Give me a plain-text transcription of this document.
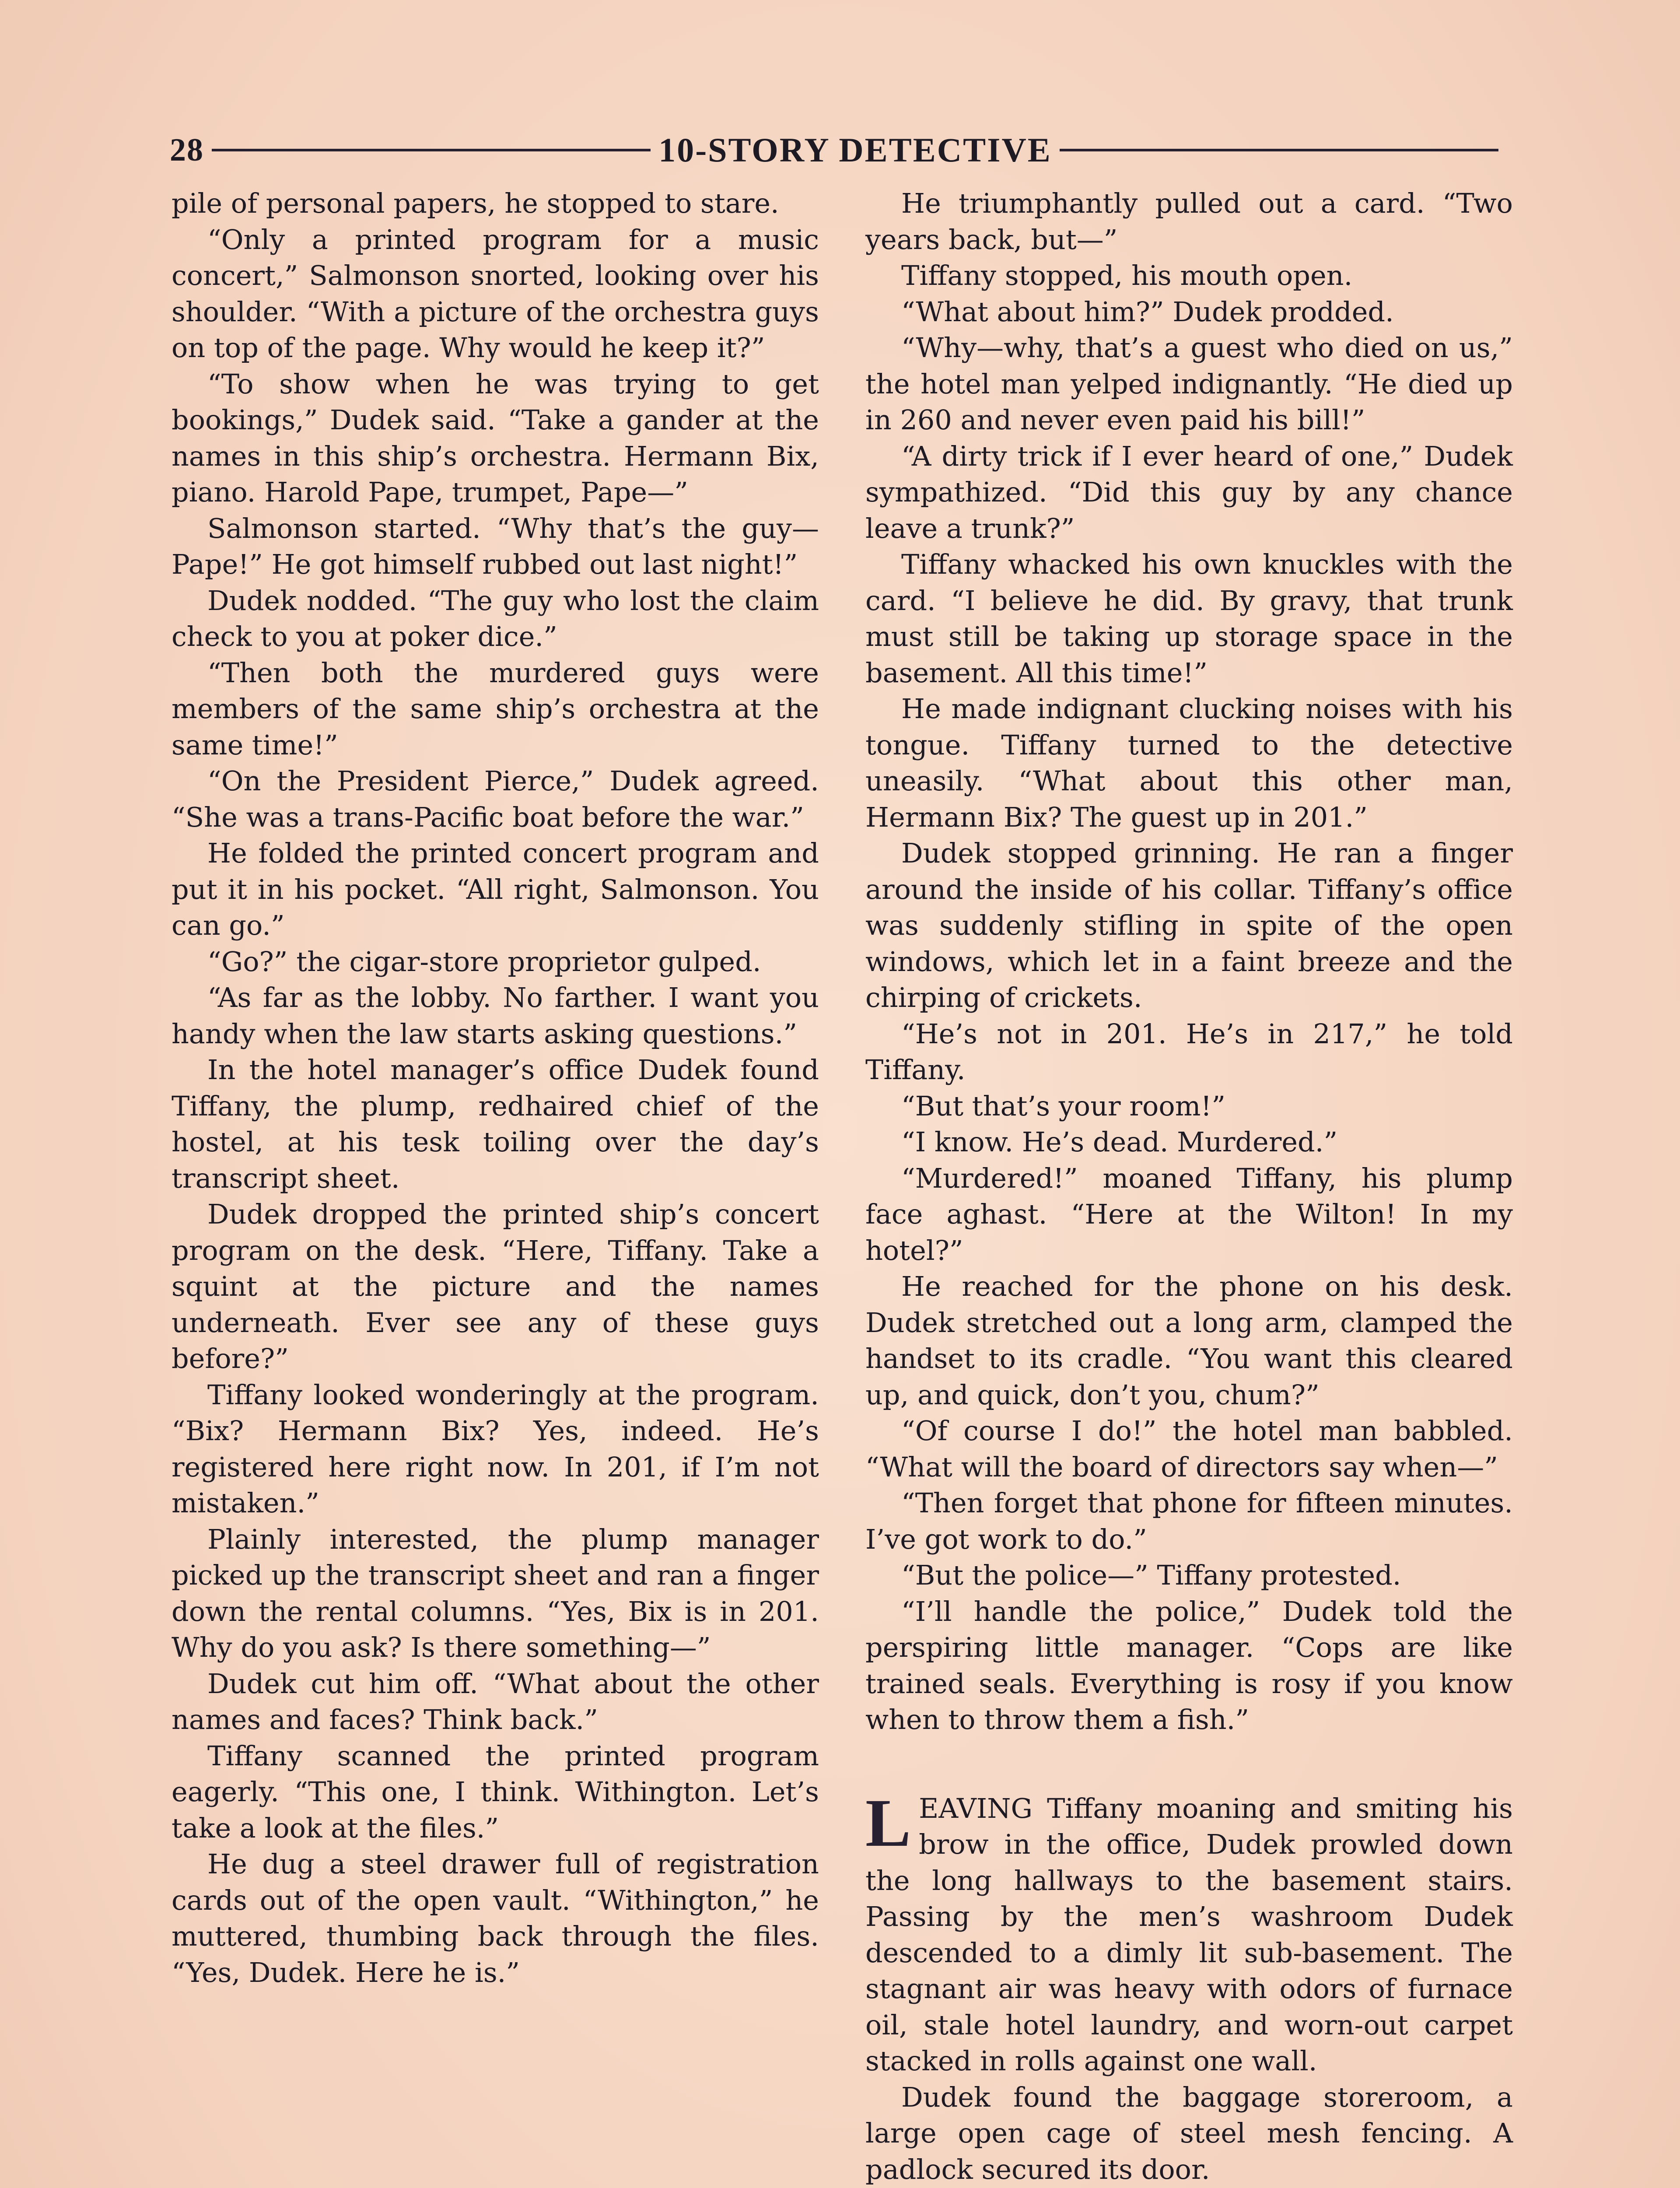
28	10-STORY DETECTIVE

pile of personal papers, he stopped to stare.

“Only a printed program for a music concert,” Salmonson snorted, looking over his shoulder. “With a picture of the orchestra guys on top of the page. Why would he keep it?”

“To show when he was trying to get bookings,” Dudek said. “Take a gander at the names in this ship’s orchestra. Hermann Bix, piano. Harold Pape, trumpet, Pape—”

Salmonson started. “Why that’s the guy—Pape!” He got himself rubbed out last night!”

Dudek nodded. “The guy who lost the claim check to you at poker dice.”

“Then both the murdered guys were members of the same ship’s orchestra at the same time!”

“On the President Pierce,” Dudek agreed. “She was a trans-Pacific boat before the war.”

He folded the printed concert program and put it in his pocket. “All right, Salmonson. You can go.”

“Go?” the cigar-store proprietor gulped.

“As far as the lobby. No farther. I want you handy when the law starts asking questions.”

In the hotel manager’s office Dudek found Tiffany, the plump, redhaired chief of the hostel, at his tesk toiling over the day’s transcript sheet.

Dudek dropped the printed ship’s concert program on the desk. “Here, Tiffany. Take a squint at the picture and the names underneath. Ever see any of these guys before?”

Tiffany looked wonderingly at the program. “Bix? Hermann Bix? Yes, indeed. He’s registered here right now. In 201, if I’m not mistaken.”

Plainly interested, the plump manager picked up the transcript sheet and ran a finger down the rental columns. “Yes, Bix is in 201. Why do you ask? Is there something—”

Dudek cut him off. “What about the other names and faces? Think back.”

Tiffany scanned the printed program eagerly. “This one, I think. Withington. Let’s take a look at the files.”

He dug a steel drawer full of registration cards out of the open vault. “Withington,” he muttered, thumbing back through the files. “Yes, Dudek. Here he is.”

He triumphantly pulled out a card. “Two years back, but—”

Tiffany stopped, his mouth open.

“What about him?” Dudek prodded.

“Why—why, that’s a guest who died on us,” the hotel man yelped indignantly. “He died up in 260 and never even paid his bill!”

“A dirty trick if I ever heard of one,” Dudek sympathized. “Did this guy by any chance leave a trunk?”

Tiffany whacked his own knuckles with the card. “I believe he did. By gravy, that trunk must still be taking up storage space in the basement. All this time!”

He made indignant clucking noises with his tongue. Tiffany turned to the detective uneasily. “What about this other man, Hermann Bix? The guest up in 201.”

Dudek stopped grinning. He ran a finger around the inside of his collar. Tiffany’s office was suddenly stifling in spite of the open windows, which let in a faint breeze and the chirping of crickets.

“He’s not in 201. He’s in 217,” he told Tiffany.

“But that’s your room!”

“I know. He’s dead. Murdered.”

“Murdered!” moaned Tiffany, his plump face aghast. “Here at the Wilton! In my hotel?”

He reached for the phone on his desk. Dudek stretched out a long arm, clamped the handset to its cradle. “You want this cleared up, and quick, don’t you, chum?”

“Of course I do!” the hotel man babbled. “What will the board of directors say when—”

“Then forget that phone for fifteen minutes. I’ve got work to do.”

“But the police—” Tiffany protested.

“I’ll handle the police,” Dudek told the perspiring little manager. “Cops are like trained seals. Everything is rosy if you know when to throw them a fish.”

LEAVING Tiffany moaning and smiting his brow in the office, Dudek prowled down the long hallways to the basement stairs. Passing by the men’s washroom Dudek descended to a dimly lit sub-basement. The stagnant air was heavy with odors of furnace oil, stale hotel laundry, and worn-out carpet stacked in rolls against one wall.

Dudek found the baggage storeroom, a large open cage of steel mesh fencing. A padlock secured its door.
